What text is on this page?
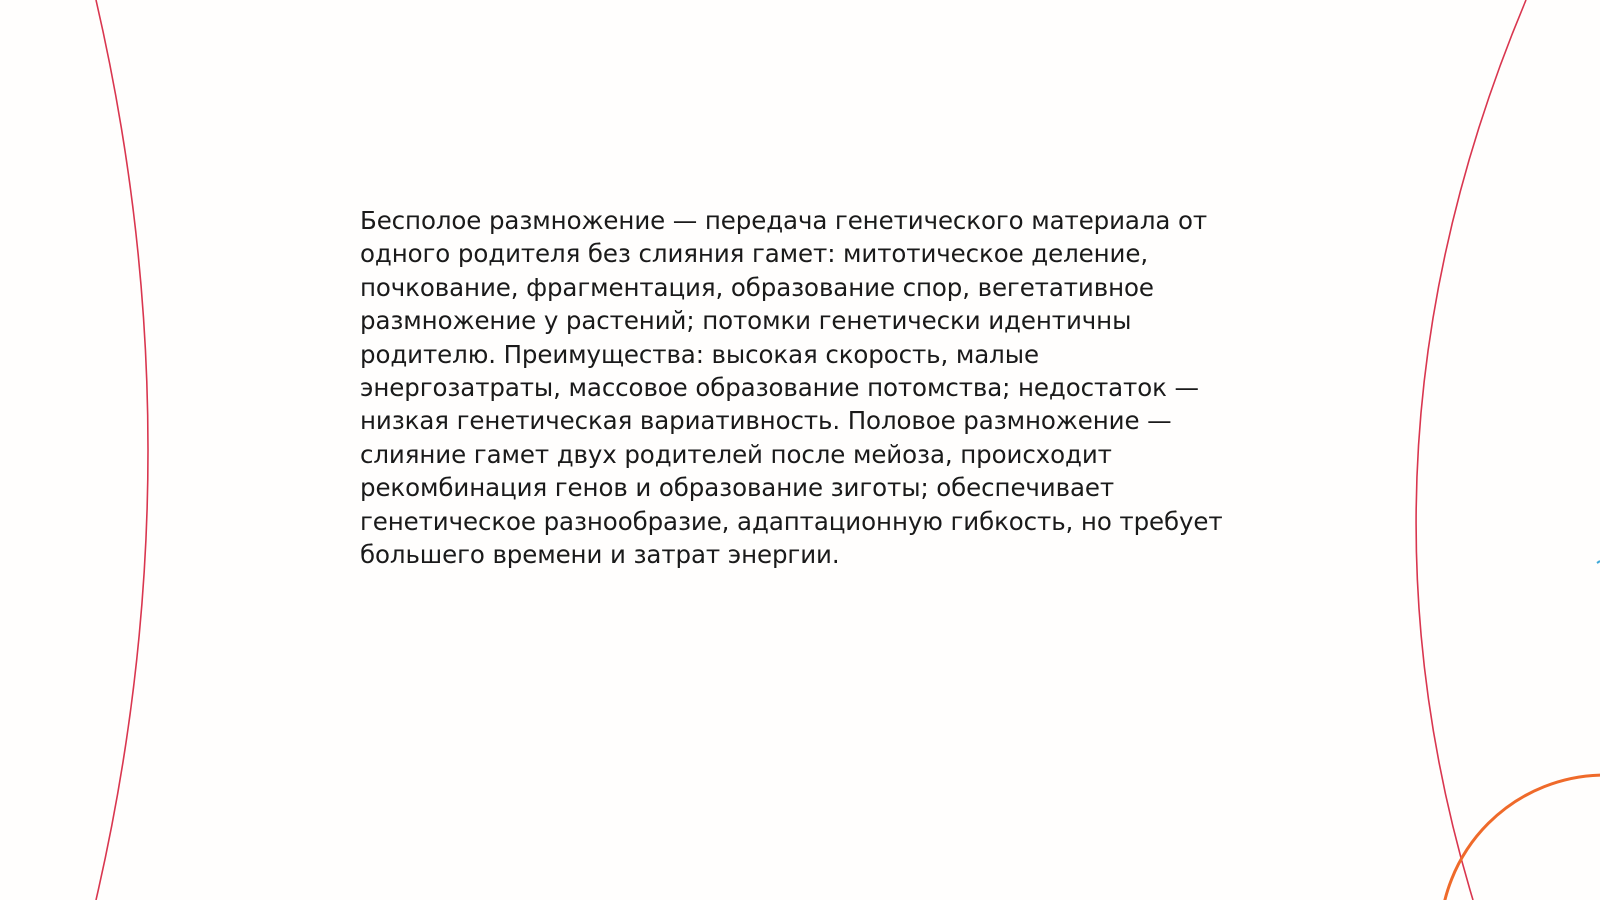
Бесполое размножение — передача генетического материала от одного родителя без слияния гамет: митотическое деление, почкование, фрагментация, образование спор, вегетативное размножение у растений; потомки генетически идентичны родителю. Преимущества: высокая скорость, малые энергозатраты, массовое образование потомства; недостаток — низкая генетическая вариативность. Половое размножение — слияние гамет двух родителей после мейоза, происходит рекомбинация генов и образование зиготы; обеспечивает генетическое разнообразие, адаптационную гибкость, но требует большего времени и затрат энергии.
